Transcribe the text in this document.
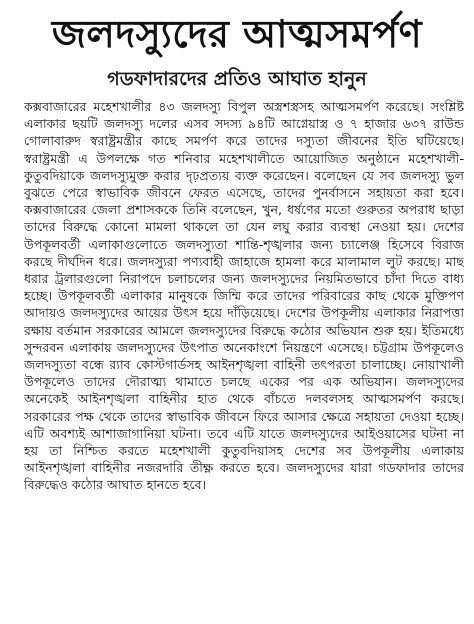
জলদস্যুদের আত্মসমর্পণ
গডফাদারদের প্রতিও আঘাত হানুন

কক্সবাজারের মহেশখালীর ৪৩ জলদস্যু বিপুল অস্ত্রশস্ত্রসহ আত্মসমর্পণ করেছে। সংশ্লিষ্ট এলাকার ছয়টি জলদস্যু দলের এসব সদস্য ৯৪টি আগ্নেয়াস্ত্র ও ৭ হাজার ৬৩৭ রাউন্ড গোলাবারুদ স্বরাষ্ট্রমন্ত্রীর কাছে সমর্পণ করে তাদের দস্যুতা জীবনের ইতি ঘটিয়েছে। স্বরাষ্ট্রমন্ত্রী এ উপলক্ষে গত শনিবার মহেশখালীতে আয়োজিত অনুষ্ঠানে মহেশখালী-কুতুবদিয়াকে জলদস্যুমুক্ত করার দৃঢ়প্রত্যয় ব্যক্ত করেছেন। বলেছেন যে সব জলদস্যু ভুল বুঝতে পেরে স্বাভাবিক জীবনে ফেরত এসেছে, তাদের পুনর্বাসনে সহায়তা করা হবে। কক্সবাজারের জেলা প্রশাসককে তিনি বলেছেন, খুন, ধর্ষণের মতো গুরুতর অপরাধ ছাড়া তাদের বিরুদ্ধে কোনো মামলা থাকলে তা যেন লঘু করার ব্যবস্থা নেওয়া হয়। দেশের উপকূলবর্তী এলাকাগুলোতে জলদস্যুতা শান্তি-শৃঙ্খলার জন্য চ্যালেঞ্জ হিসেবে বিরাজ করছে দীর্ঘদিন ধরে। জলদস্যুরা পণ্যবাহী জাহাজে হামলা করে মালামাল লুট করছে। মাছ ধরার ট্রলারগুলো নিরাপদে চলাচলের জন্য জলদস্যুদের নিয়মিতভাবে চাঁদা দিতে বাধ্য হচ্ছে। উপকূলবর্তী এলাকার মানুষকে জিম্মি করে তাদের পরিবারের কাছ থেকে মুক্তিপণ আদায়ও জলদস্যুদের আয়ের উৎস হয়ে দাঁড়িয়েছে। দেশের উপকূলীয় এলাকার নিরাপত্তা রক্ষায় বর্তমান সরকারের আমলে জলদস্যুদের বিরুদ্ধে কঠোর অভিযান শুরু হয়। ইতিমধ্যে সুন্দরবন এলাকায় জলদস্যুদের উৎপাত অনেকাংশে নিয়ন্ত্রণে এসেছে। চট্টগ্রাম উপকূলেও জলদস্যুতা বন্ধে র‌্যাব কোস্টগার্ডসহ আইনশৃঙ্খলা বাহিনী তৎপরতা চালাচ্ছে। নোয়াখালী উপকূলেও তাদের দৌরাত্ম্য থামাতে চলছে একের পর এক অভিযান। জলদস্যুদের অনেকেই আইনশৃঙ্খলা বাহিনীর হাত থেকে বাঁচতে দলবলসহ আত্মসমর্পণ করছে। সরকারের পক্ষ থেকে তাদের স্বাভাবিক জীবনে ফিরে আসার ক্ষেত্রে সহায়তা দেওয়া হচ্ছে। এটি অবশ্যই আশাজাগানিয়া ঘটনা। তবে এটি যাতে জলদস্যুদের আইওয়াসের ঘটনা না হয় তা নিশ্চিত করতে মহেশখালী কুতুবদিয়াসহ দেশের সব উপকূলীয় এলাকায় আইনশৃঙ্খলা বাহিনীর নজরদারি তীক্ষ্ণ করতে হবে। জলদস্যুদের যারা গডফাদার তাদের বিরুদ্ধেও কঠোর আঘাত হানতে হবে।
